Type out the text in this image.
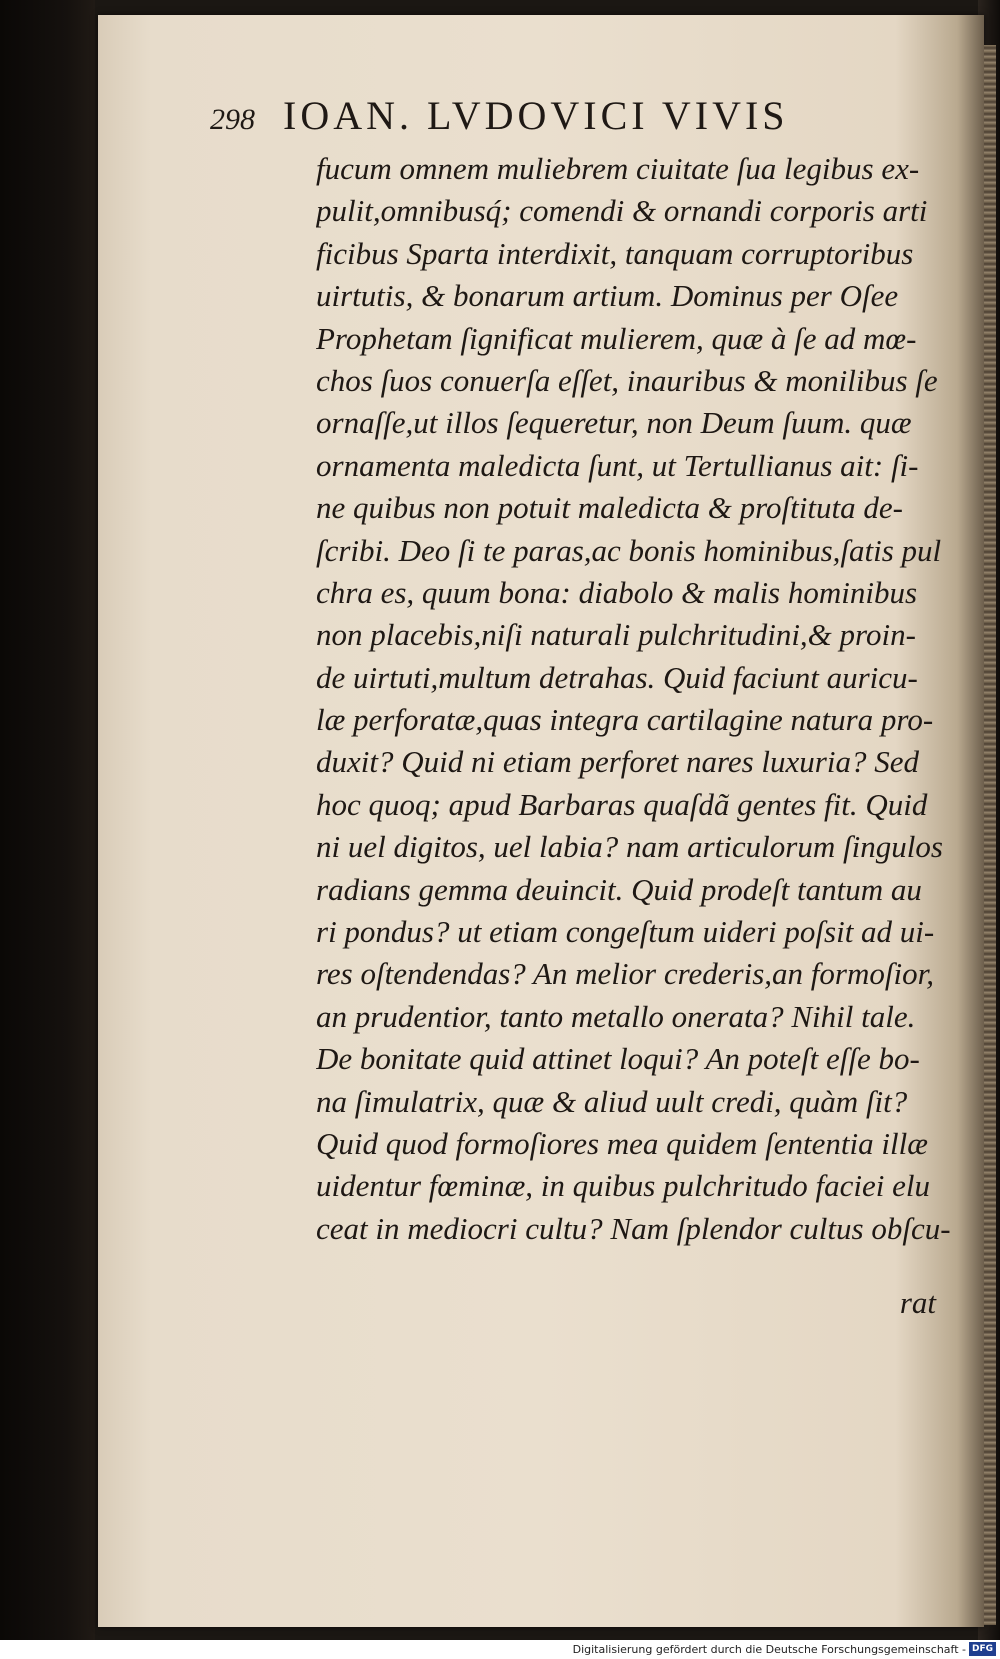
298 IOAN. LVDOVICI VIVIS
fucum omnem muliebrem ciuitate ſua legibus ex-
pulit,omnibusq́; comendi & ornandi corporis arti
ficibus Sparta interdixit, tanquam corruptoribus
uirtutis, & bonarum artium. Dominus per Oſee
Prophetam ſignificat mulierem, quæ à ſe ad mœ-
chos ſuos conuerſa eſſet, inauribus & monilibus ſe
ornaſſe,ut illos ſequeretur, non Deum ſuum. quæ
ornamenta maledicta ſunt, ut Tertullianus ait: ſi-
ne quibus non potuit maledicta & proſtituta de-
ſcribi. Deo ſi te paras,ac bonis hominibus,ſatis pul
chra es, quum bona: diabolo & malis hominibus
non placebis,niſi naturali pulchritudini,& proin-
de uirtuti,multum detrahas. Quid faciunt auricu-
læ perforatæ,quas integra cartilagine natura pro-
duxit? Quid ni etiam perforet nares luxuria? Sed
hoc quoq; apud Barbaras quaſdã gentes fit. Quid
ni uel digitos, uel labia? nam articulorum ſingulos
radians gemma deuincit. Quid prodeſt tantum au
ri pondus? ut etiam congeſtum uideri poſsit ad ui-
res oſtendendas? An melior crederis,an formoſior,
an prudentior, tanto metallo onerata? Nihil tale.
De bonitate quid attinet loqui? An poteſt eſſe bo-
na ſimulatrix, quæ & aliud uult credi, quàm ſit?
Quid quod formoſiores mea quidem ſententia illæ
uidentur fœminæ, in quibus pulchritudo faciei elu
ceat in mediocri cultu? Nam ſplendor cultus obſcu-
rat
Digitalisierung gefördert durch die Deutsche Forschungsgemeinschaft - DFG
